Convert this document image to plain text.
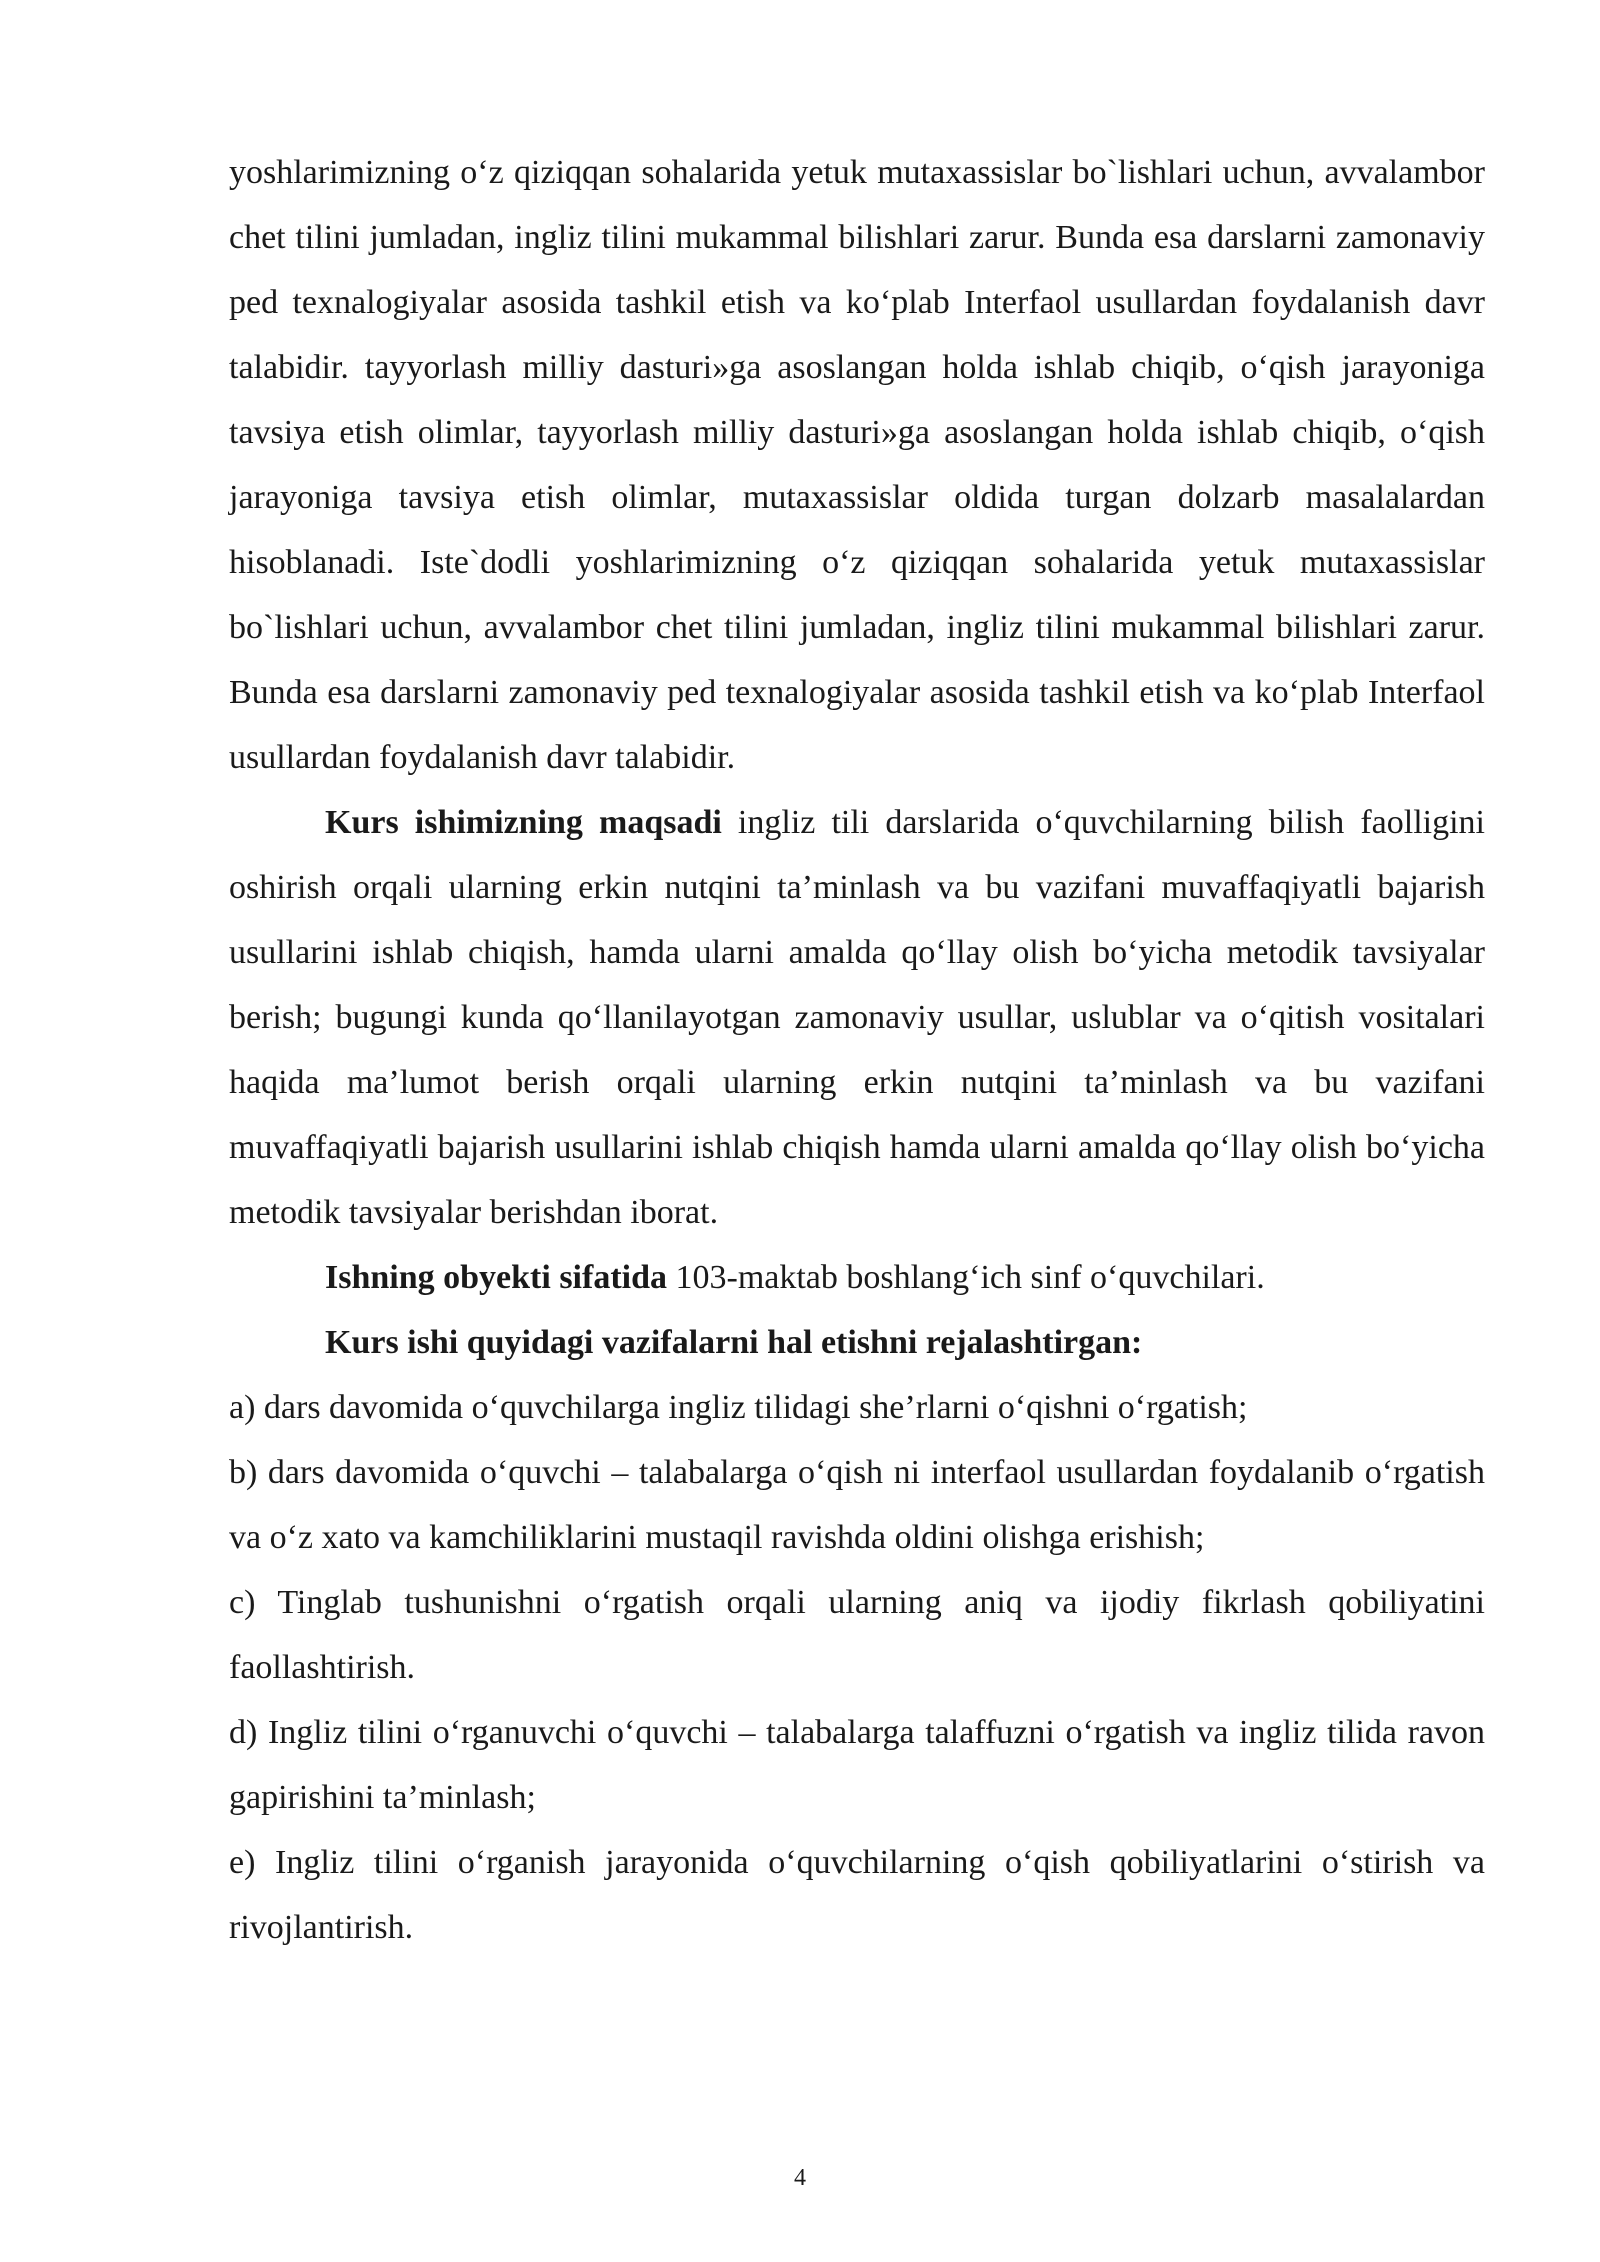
yoshlarimizning o‘z qiziqqan sohalarida yetuk mutaxassislar bo`lishlari uchun, avvalambor chet tilini jumladan, ingliz tilini mukammal bilishlari zarur. Bunda esa darslarni zamonaviy ped texnalogiyalar asosida tashkil etish va ko‘plab Interfaol usullardan foydalanish davr talabidir. tayyorlash milliy dasturi»ga asoslangan holda ishlab chiqib, o‘qish jarayoniga tavsiya etish olimlar, tayyorlash milliy dasturi»ga asoslangan holda ishlab chiqib, o‘qish jarayoniga tavsiya etish olimlar, mutaxassislar oldida turgan dolzarb masalalardan hisoblanadi. Iste`dodli yoshlarimizning o‘z qiziqqan sohalarida yetuk mutaxassislar bo`lishlari uchun, avvalambor chet tilini jumladan, ingliz tilini mukammal bilishlari zarur. Bunda esa darslarni zamonaviy ped texnalogiyalar asosida tashkil etish va ko‘plab Interfaol usullardan foydalanish davr talabidir.

Kurs ishimizning maqsadi ingliz tili darslarida o‘quvchilarning bilish faolligini oshirish orqali ularning erkin nutqini ta’minlash va bu vazifani muvaffaqiyatli bajarish usullarini ishlab chiqish, hamda ularni amalda qo‘llay olish bo‘yicha metodik tavsiyalar berish; bugungi kunda qo‘llanilayotgan zamonaviy usullar, uslublar va o‘qitish vositalari haqida ma’lumot berish orqali ularning erkin nutqini ta’minlash va bu vazifani muvaffaqiyatli bajarish usullarini ishlab chiqish hamda ularni amalda qo‘llay olish bo‘yicha metodik tavsiyalar berishdan iborat.

Ishning obyekti sifatida 103-maktab boshlang‘ich sinf o‘quvchilari.

Kurs ishi quyidagi vazifalarni hal etishni rejalashtirgan:

a) dars davomida o‘quvchilarga ingliz tilidagi she’rlarni o‘qishni o‘rgatish;

b) dars davomida o‘quvchi – talabalarga o‘qish ni interfaol usullardan foydalanib o‘rgatish va o‘z xato va kamchiliklarini mustaqil ravishda oldini olishga erishish;

c) Tinglab tushunishni o‘rgatish orqali ularning aniq va ijodiy fikrlash qobiliyatini faollashtirish.

d) Ingliz tilini o‘rganuvchi o‘quvchi – talabalarga talaffuzni o‘rgatish va ingliz tilida ravon gapirishini ta’minlash;

e) Ingliz tilini o‘rganish jarayonida o‘quvchilarning o‘qish qobiliyatlarini o‘stirish va rivojlantirish.

4
